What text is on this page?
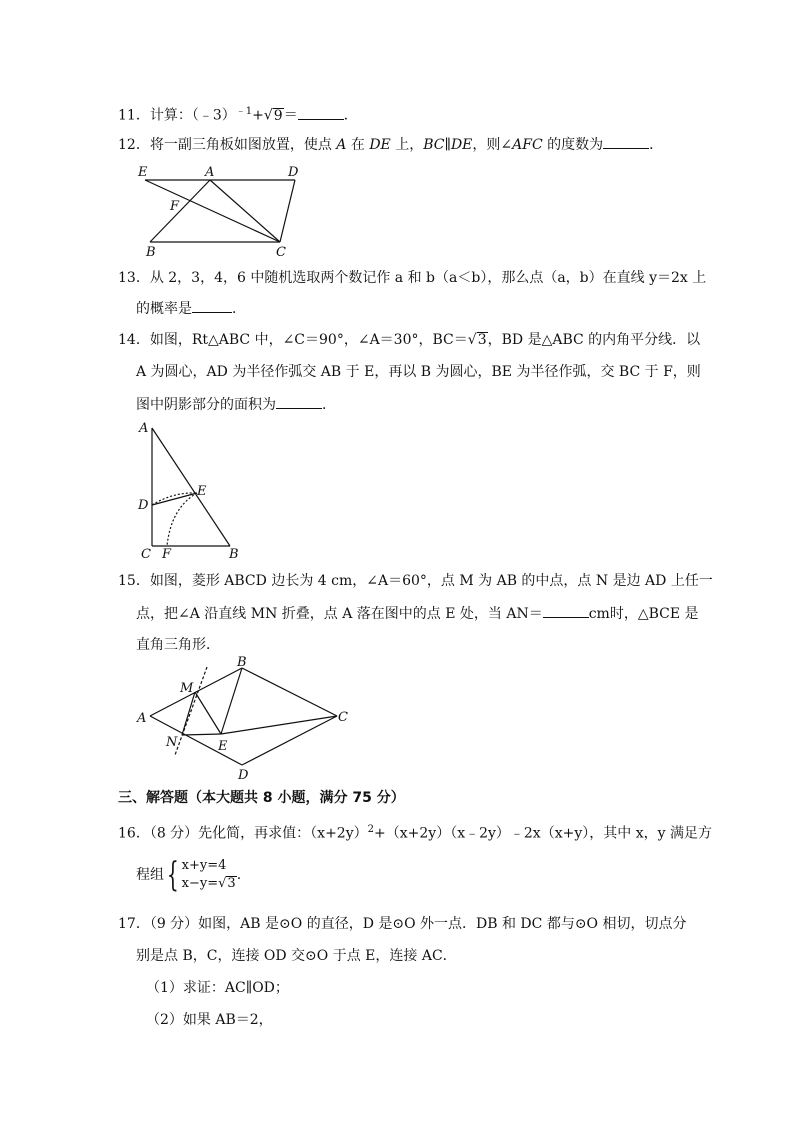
11．计算：（﹣3）$^{﹣1}$+√9＝	．
12．将一副三角板如图放置，使点 A 在 DE 上，BC∥DE，则∠AFC 的度数为	．
E	A	D
F
B	C
13．从 2，3，4，6 中随机选取两个数记作 a 和 b（a＜b），那么点（a，b）在直线 y＝2x 上
的概率是	．
14．如图，Rt△ABC 中，∠C＝90°，∠A＝30°，BC＝√3，BD 是△ABC 的内角平分线．以
A 为圆心，AD 为半径作弧交 AB 于 E，再以 B 为圆心，BE 为半径作弧，交 BC 于 F，则
图中阴影部分的面积为	．
A
D
E
C F	B
15．如图，菱形 ABCD 边长为 4 cm，∠A＝60°，点 M 为 AB 的中点，点 N 是边 AD 上任一
点，把∠A 沿直线 MN 折叠，点 A 落在图中的点 E 处，当 AN＝	cm时，△BCE 是
直角三角形．
B
M
A	C
N	E
D
三、解答题（本大题共 8 小题，满分 75 分）
16．（8 分）先化简，再求值：$(x+2y)^2+(x+2y)(x﹣2y)﹣2x(x+y)$，其中 x，y 满足方
程组{ x+y=4
x−y=√3.
17．（9 分）如图，AB 是⊙O 的直径，D 是⊙O 外一点．DB 和 DC 都与⊙O 相切，切点分
别是点 B，C，连接 OD 交⊙O 于点 E，连接 AC．
（1）求证：AC∥OD；
（2）如果 AB＝2，
